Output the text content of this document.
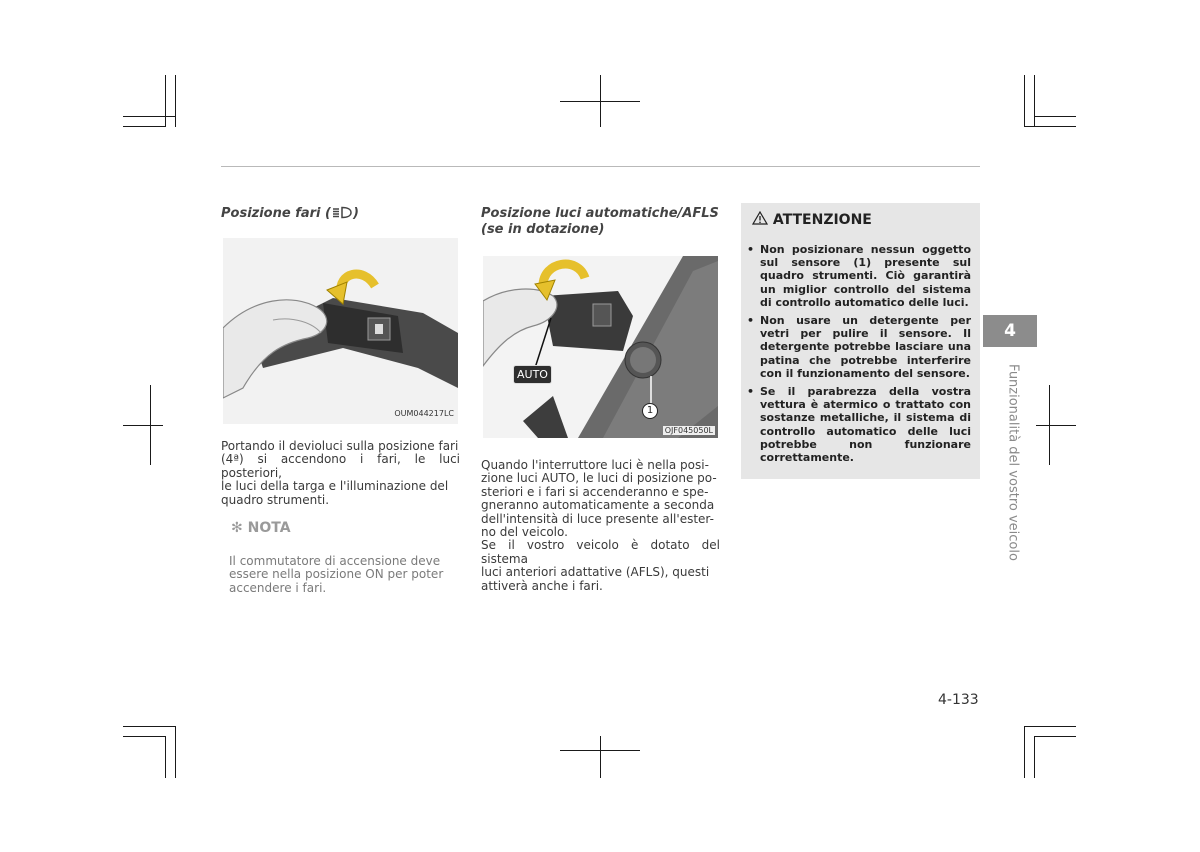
Posizione fari ( )
OUM044217LC
Portando il devioluci sulla posizione fari
(4ª) si accendono i fari, le luci posteriori,
le luci della targa e l'illuminazione del
quadro strumenti.
✻ NOTA
Il commutatore di accensione deve
essere nella posizione ON per poter
accendere i fari.
Posizione luci automatiche/AFLS
(se in dotazione)
AUTO
1
OJF045050L
Quando l'interruttore luci è nella posi-
zione luci AUTO, le luci di posizione po-
steriori e i fari si accenderanno e spe-
gneranno automaticamente a seconda
dell'intensità di luce presente all'ester-
no del veicolo.
Se il vostro veicolo è dotato del sistema
luci anteriori adattative (AFLS), questi
attiverà anche i fari.
ATTENZIONE
• Non posizionare nessun oggetto sul sensore (1) presente sul quadro strumenti. Ciò garantirà un miglior controllo del sistema di controllo automatico delle luci.
• Non usare un detergente per vetri per pulire il sensore. Il detergente potrebbe lasciare una patina che potrebbe interferire con il funzionamento del sensore.
• Se il parabrezza della vostra vettura è atermico o trattato con sostanze metalliche, il sistema di controllo automatico delle luci potrebbe non funzionare correttamente.
4
Funzionalità del vostro veicolo
4-133
